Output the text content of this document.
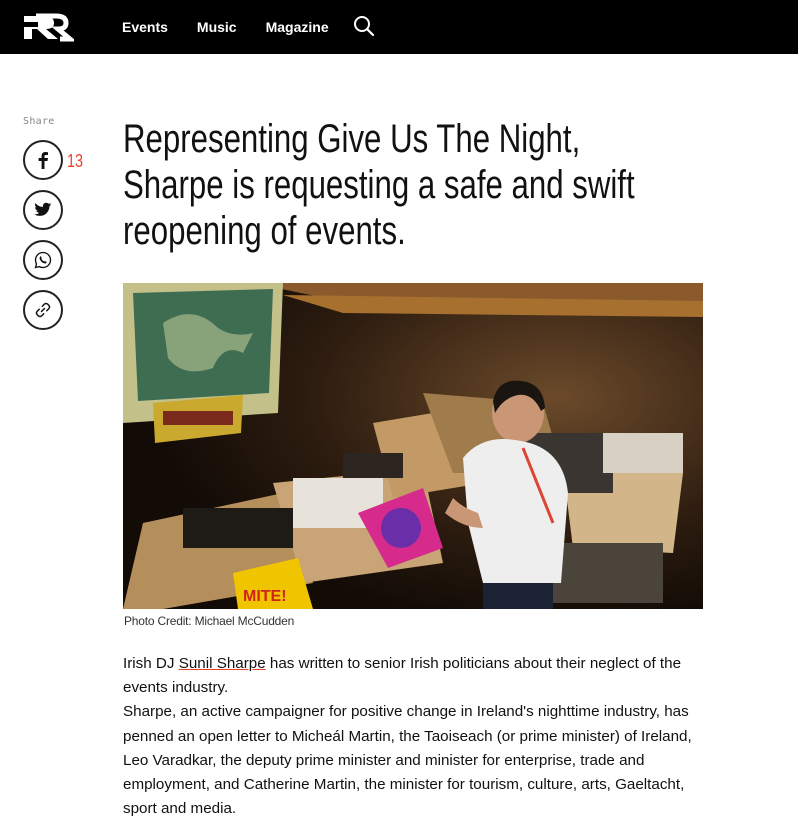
Events Music Magazine
Share
13 Representing Give Us The Night, Sharpe is requesting a safe and swift reopening of events.
MITE!
Photo Credit: Michael McCudden

Irish DJ Sunil Sharpe has written to senior Irish politicians about their neglect of the events industry.

Sharpe, an active campaigner for positive change in Ireland's nighttime industry, has penned an open letter to Micheál Martin, the Taoiseach (or prime minister) of Ireland, Leo Varadkar, the deputy prime minister and minister for enterprise, trade and employment, and Catherine Martin, the minister for tourism, culture, arts, Gaeltacht, sport and media.
